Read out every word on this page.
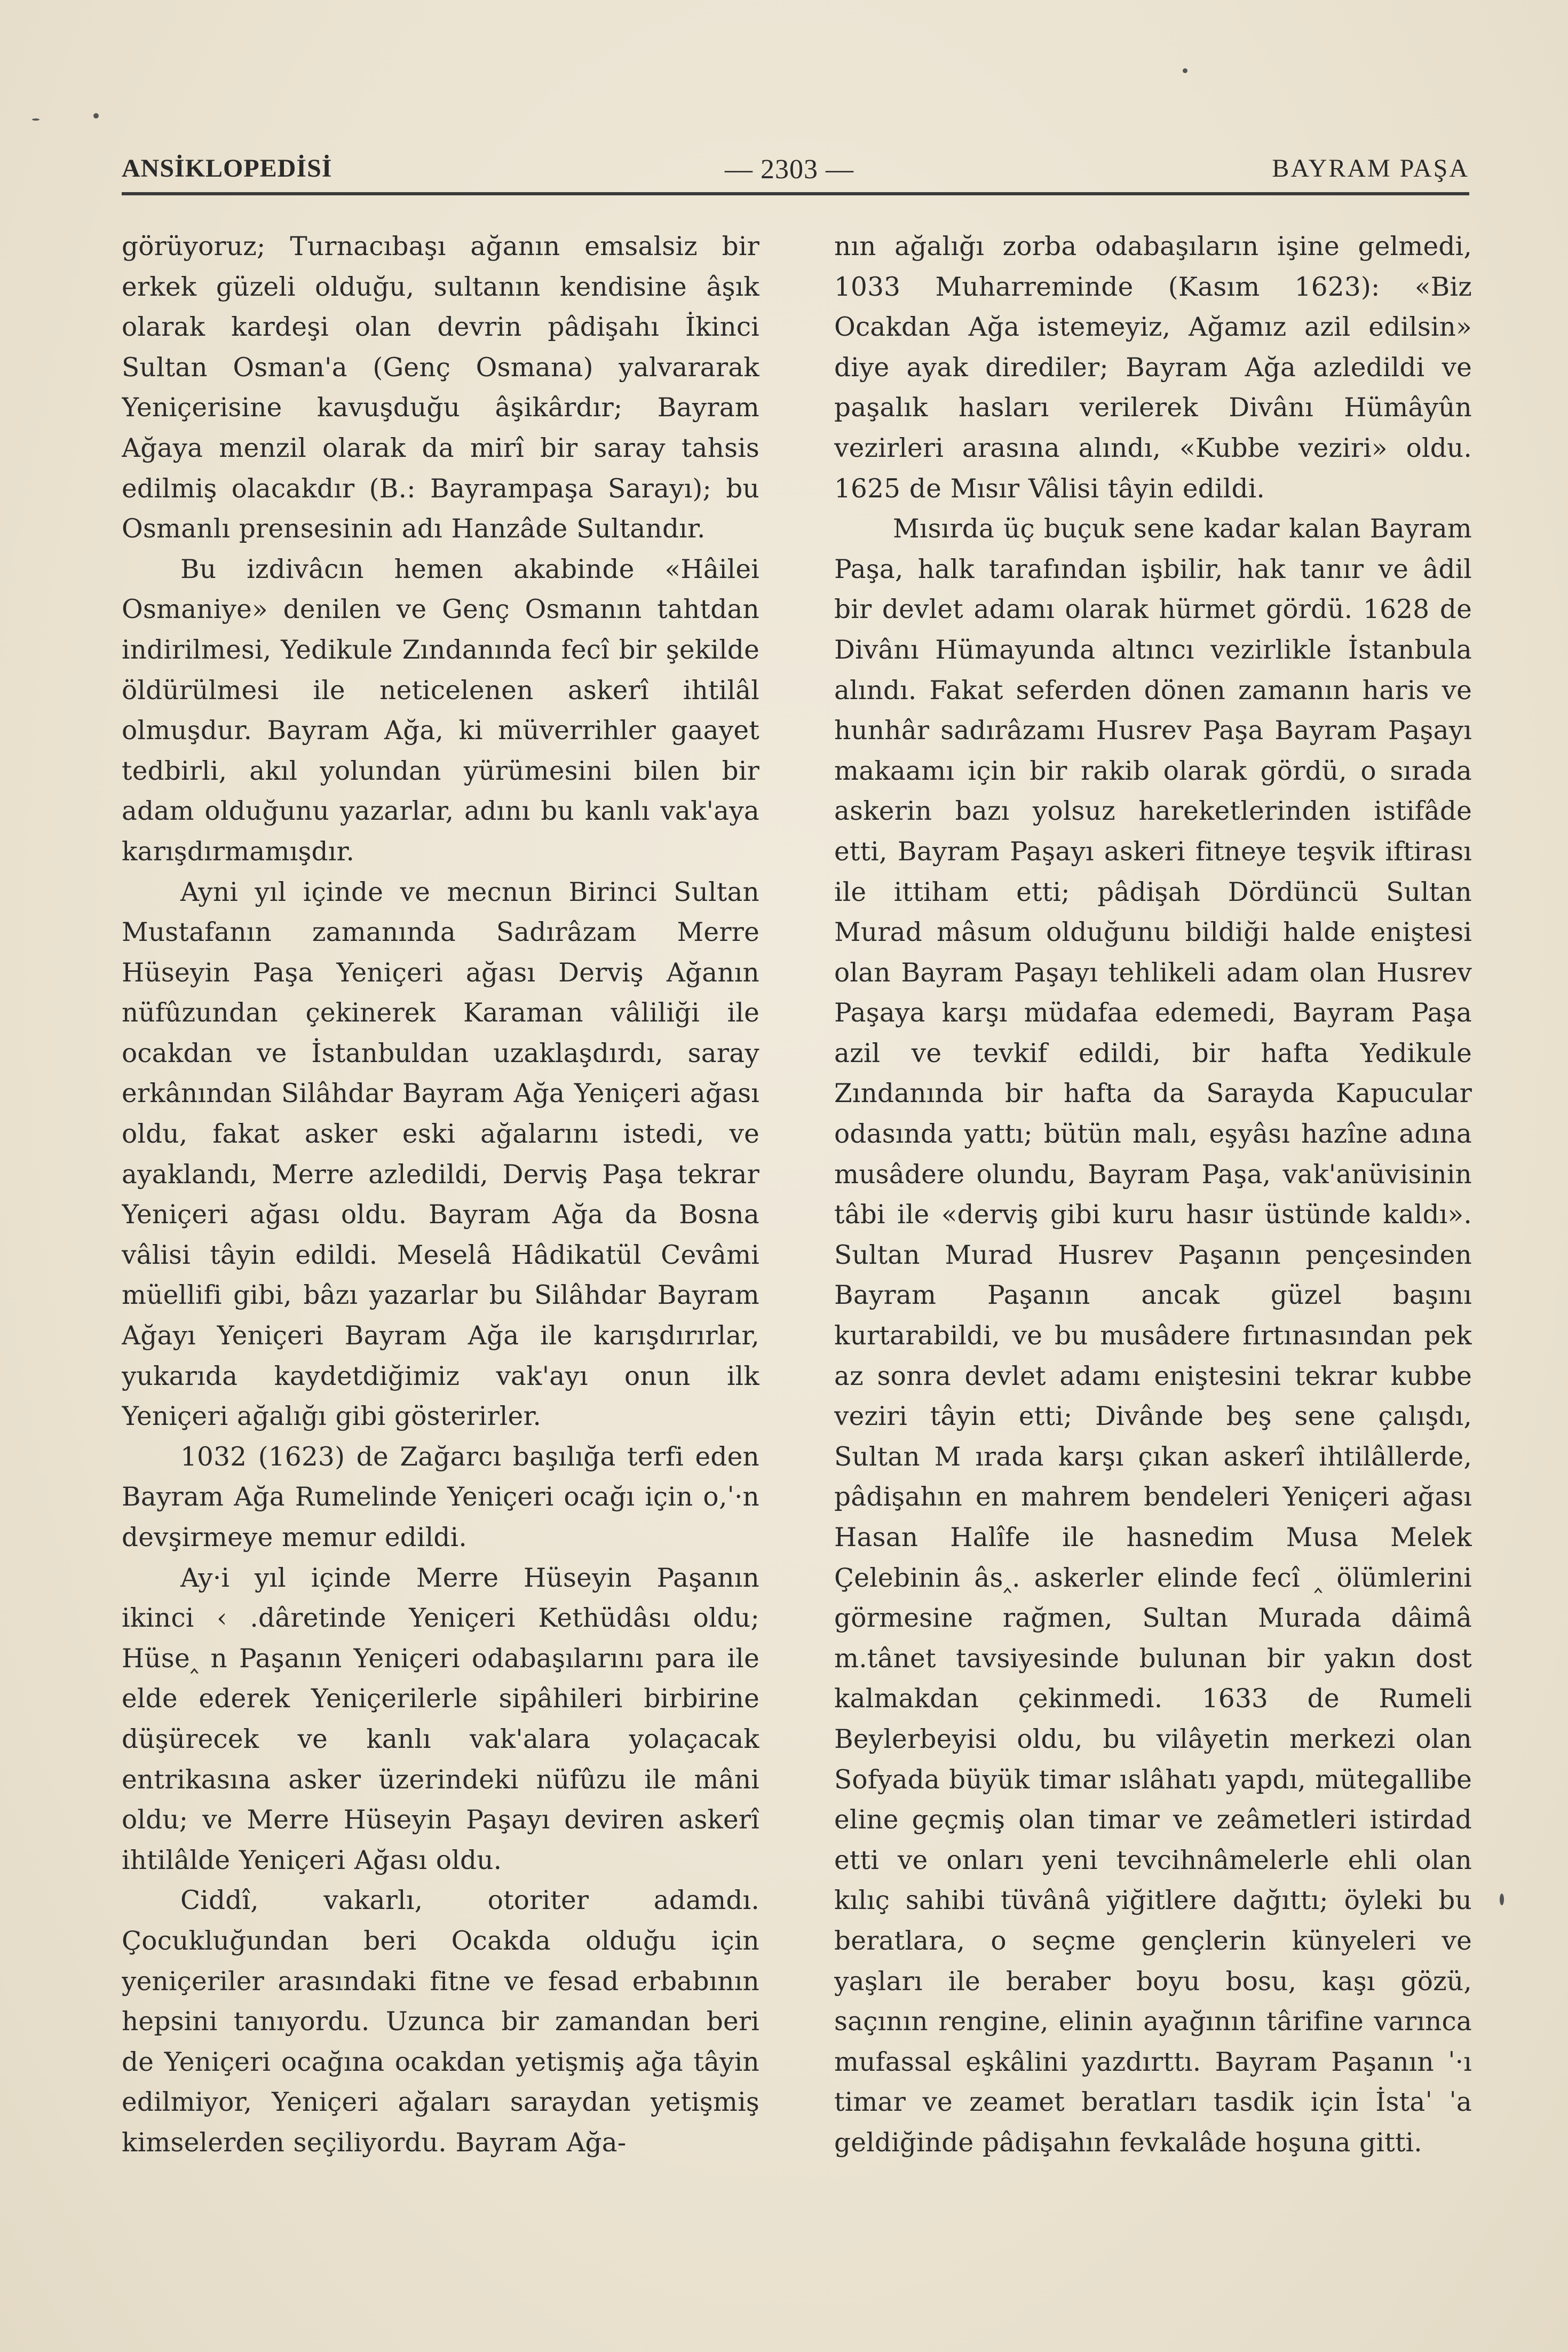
ANSİKLOPEDİSİ	— 2303 —	BAYRAM PAŞA

görüyoruz; Turnacıbaşı ağanın emsalsiz bir erkek güzeli olduğu, sultanın kendisine âşık olarak kardeşi olan devrin pâdişahı İkinci Sultan Osman'a (Genç Osmana) yalvararak Yeniçerisine kavuşduğu âşikârdır; Bayram Ağaya menzil olarak da mirî bir saray tahsis edilmiş olacakdır (B.: Bayrampaşa Sarayı); bu Osmanlı prensesinin adı Hanzâde Sultandır.

Bu izdivâcın hemen akabinde «Hâilei Osmaniye» denilen ve Genç Osmanın tahtdan indirilmesi, Yedikule Zındanında fecî bir şekilde öldürülmesi ile neticelenen askerî ihtilâl olmuşdur. Bayram Ağa, ki müverrihler gaayet tedbirli, akıl yolundan yürümesini bilen bir adam olduğunu yazarlar, adını bu kanlı vak'aya karışdırmamışdır.

Ayni yıl içinde ve mecnun Birinci Sultan Mustafanın zamanında Sadırâzam Merre Hüseyin Paşa Yeniçeri ağası Derviş Ağanın nüfûzundan çekinerek Karaman vâliliği ile ocakdan ve İstanbuldan uzaklaşdırdı, saray erkânından Silâhdar Bayram Ağa Yeniçeri ağası oldu, fakat asker eski ağalarını istedi, ve ayaklandı, Merre azledildi, Derviş Paşa tekrar Yeniçeri ağası oldu. Bayram Ağa da Bosna vâlisi tâyin edildi. Meselâ Hâdikatül Cevâmi müellifi gibi, bâzı yazarlar bu Silâhdar Bayram Ağayı Yeniçeri Bayram Ağa ile karışdırırlar, yukarıda kaydetdiğimiz vak'ayı onun ilk Yeniçeri ağalığı gibi gösterirler.

1032 (1623) de Zağarcı başılığa terfi eden Bayram Ağa Rumelinde Yeniçeri ocağı için o‚ˈ·n devşirmeye memur edildi.

Ay·i yıl içinde Merre Hüseyin Paşanın ikinci ‹ .dâretinde Yeniçeri Kethüdâsı oldu; Hüse‸ n Paşanın Yeniçeri odabaşılarını para ile elde ederek Yeniçerilerle sipâhileri birbirine düşürecek ve kanlı vak'alara yolaçacak entrikasına asker üzerindeki nüfûzu ile mâni oldu; ve Merre Hüseyin Paşayı deviren askerî ihtilâlde Yeniçeri Ağası oldu.

Ciddî, vakarlı, otoriter adamdı. Çocukluğundan beri Ocakda olduğu için yeniçeriler arasındaki fitne ve fesad erbabının hepsini tanıyordu. Uzunca bir zamandan beri de Yeniçeri ocağına ocakdan yetişmiş ağa tâyin edilmiyor, Yeniçeri ağaları saraydan yetişmiş kimselerden seçiliyordu. Bayram Ağa-

nın ağalığı zorba odabaşıların işine gelmedi, 1033 Muharreminde (Kasım 1623): «Biz Ocakdan Ağa istemeyiz, Ağamız azil edilsin» diye ayak dirediler; Bayram Ağa azledildi ve paşalık hasları verilerek Divânı Hümâyûn vezirleri arasına alındı, «Kubbe veziri» oldu. 1625 de Mısır Vâlisi tâyin edildi.

Mısırda üç buçuk sene kadar kalan Bayram Paşa, halk tarafından işbilir, hak tanır ve âdil bir devlet adamı olarak hürmet gördü. 1628 de Divânı Hümayunda altıncı vezirlikle İstanbula alındı. Fakat seferden dönen zamanın haris ve hunhâr sadırâzamı Husrev Paşa Bayram Paşayı makaamı için bir rakib olarak gördü, o sırada askerin bazı yolsuz hareketlerinden istifâde etti, Bayram Paşayı askeri fitneye teşvik iftirası ile ittiham etti; pâdişah Dördüncü Sultan Murad mâsum olduğunu bildiği halde eniştesi olan Bayram Paşayı tehlikeli adam olan Husrev Paşaya karşı müdafaa edemedi, Bayram Paşa azil ve tevkif edildi, bir hafta Yedikule Zındanında bir hafta da Sarayda Kapucular odasında yattı; bütün malı, eşyâsı hazîne adına musâdere olundu, Bayram Paşa, vak'anüvisinin tâbi ile «derviş gibi kuru hasır üstünde kaldı». Sultan Murad Husrev Paşanın pençesinden Bayram Paşanın ancak güzel başını kurtarabildi, ve bu musâdere fırtınasından pek az sonra devlet adamı eniştesini tekrar kubbe veziri tâyin etti; Divânde beş sene çalışdı, Sultan M ırada karşı çıkan askerî ihtilâllerde, pâdişahın en mahrem bendeleri Yeniçeri ağası Hasan Halîfe ile hasnedim Musa Melek Çelebinin âs‸. askerler elinde fecî ‸ ölümlerini görmesine rağmen, Sultan Murada dâimâ m.tânet tavsiyesinde bulunan bir yakın dost kalmakdan çekinmedi. 1633 de Rumeli Beylerbeyisi oldu, bu vilâyetin merkezi olan Sofyada büyük timar ıslâhatı yapdı, mütegallibe eline geçmiş olan timar ve zeâmetleri istirdad etti ve onları yeni tevcihnâmelerle ehli olan kılıç sahibi tüvânâ yiğitlere dağıttı; öyleki bu beratlara, o seçme gençlerin künyeleri ve yaşları ile beraber boyu bosu, kaşı gözü, saçının rengine, elinin ayağının târifine varınca mufassal eşkâlini yazdırttı. Bayram Paşanın ˈ·ı timar ve zeamet beratları tasdik için İstaˈ ˈa geldiğinde pâdişahın fevkalâde hoşuna gitti.
